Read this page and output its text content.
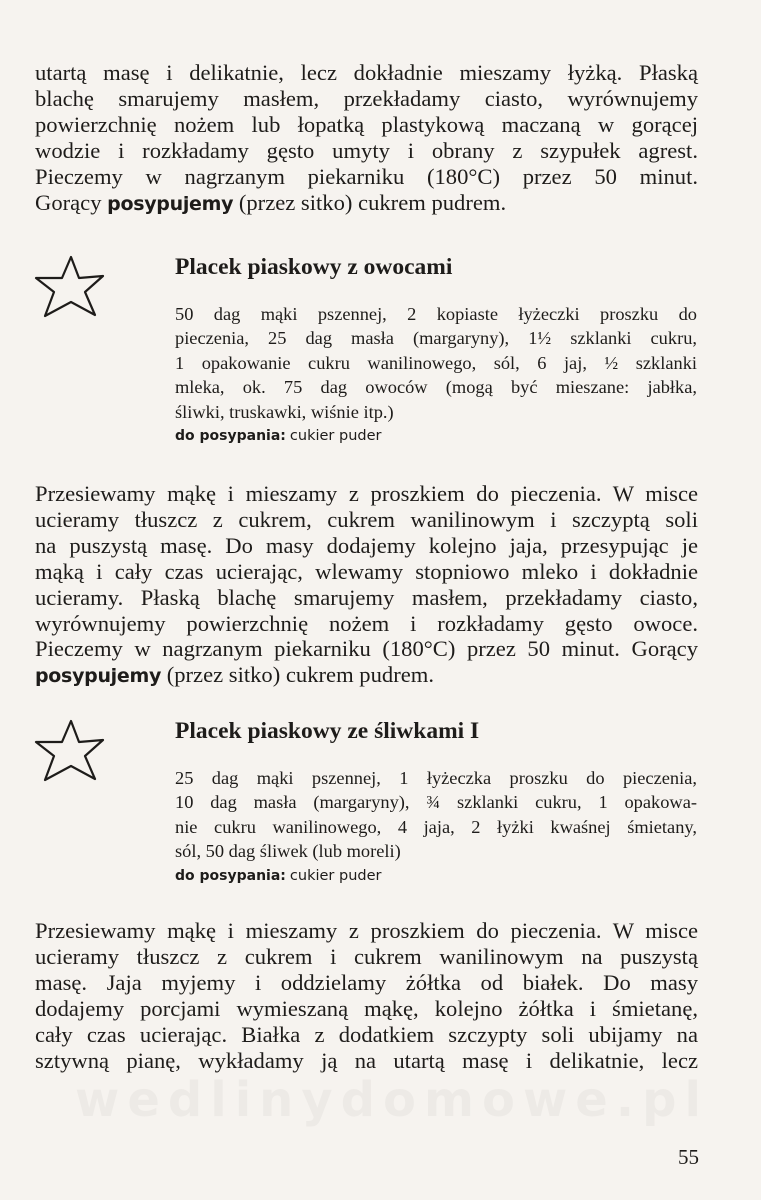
utartą masę i delikatnie, lecz dokładnie mieszamy łyżką. Płaską
blachę smarujemy masłem, przekładamy ciasto, wyrównujemy
powierzchnię nożem lub łopatką plastykową maczaną w gorącej
wodzie i rozkładamy gęsto umyty i obrany z szypułek agrest.
Pieczemy w nagrzanym piekarniku (180°C) przez 50 minut.
Gorący posypujemy (przez sitko) cukrem pudrem.
Placek piaskowy z owocami
50 dag mąki pszennej, 2 kopiaste łyżeczki proszku do
pieczenia, 25 dag masła (margaryny), 1½ szklanki cukru,
1 opakowanie cukru wanilinowego, sól, 6 jaj, ½ szklanki
mleka, ok. 75 dag owoców (mogą być mieszane: jabłka,
śliwki, truskawki, wiśnie itp.)
do posypania: cukier puder
Przesiewamy mąkę i mieszamy z proszkiem do pieczenia. W misce
ucieramy tłuszcz z cukrem, cukrem wanilinowym i szczyptą soli
na puszystą masę. Do masy dodajemy kolejno jaja, przesypując je
mąką i cały czas ucierając, wlewamy stopniowo mleko i dokładnie
ucieramy. Płaską blachę smarujemy masłem, przekładamy ciasto,
wyrównujemy powierzchnię nożem i rozkładamy gęsto owoce.
Pieczemy w nagrzanym piekarniku (180°C) przez 50 minut. Gorący
posypujemy (przez sitko) cukrem pudrem.
Placek piaskowy ze śliwkami I
25 dag mąki pszennej, 1 łyżeczka proszku do pieczenia,
10 dag masła (margaryny), ¾ szklanki cukru, 1 opakowa-
nie cukru wanilinowego, 4 jaja, 2 łyżki kwaśnej śmietany,
sól, 50 dag śliwek (lub moreli)
do posypania: cukier puder
Przesiewamy mąkę i mieszamy z proszkiem do pieczenia. W misce
ucieramy tłuszcz z cukrem i cukrem wanilinowym na puszystą
masę. Jaja myjemy i oddzielamy żółtka od białek. Do masy
dodajemy porcjami wymieszaną mąkę, kolejno żółtka i śmietanę,
cały czas ucierając. Białka z dodatkiem szczypty soli ubijamy na
sztywną pianę, wykładamy ją na utartą masę i delikatnie, lecz
55
